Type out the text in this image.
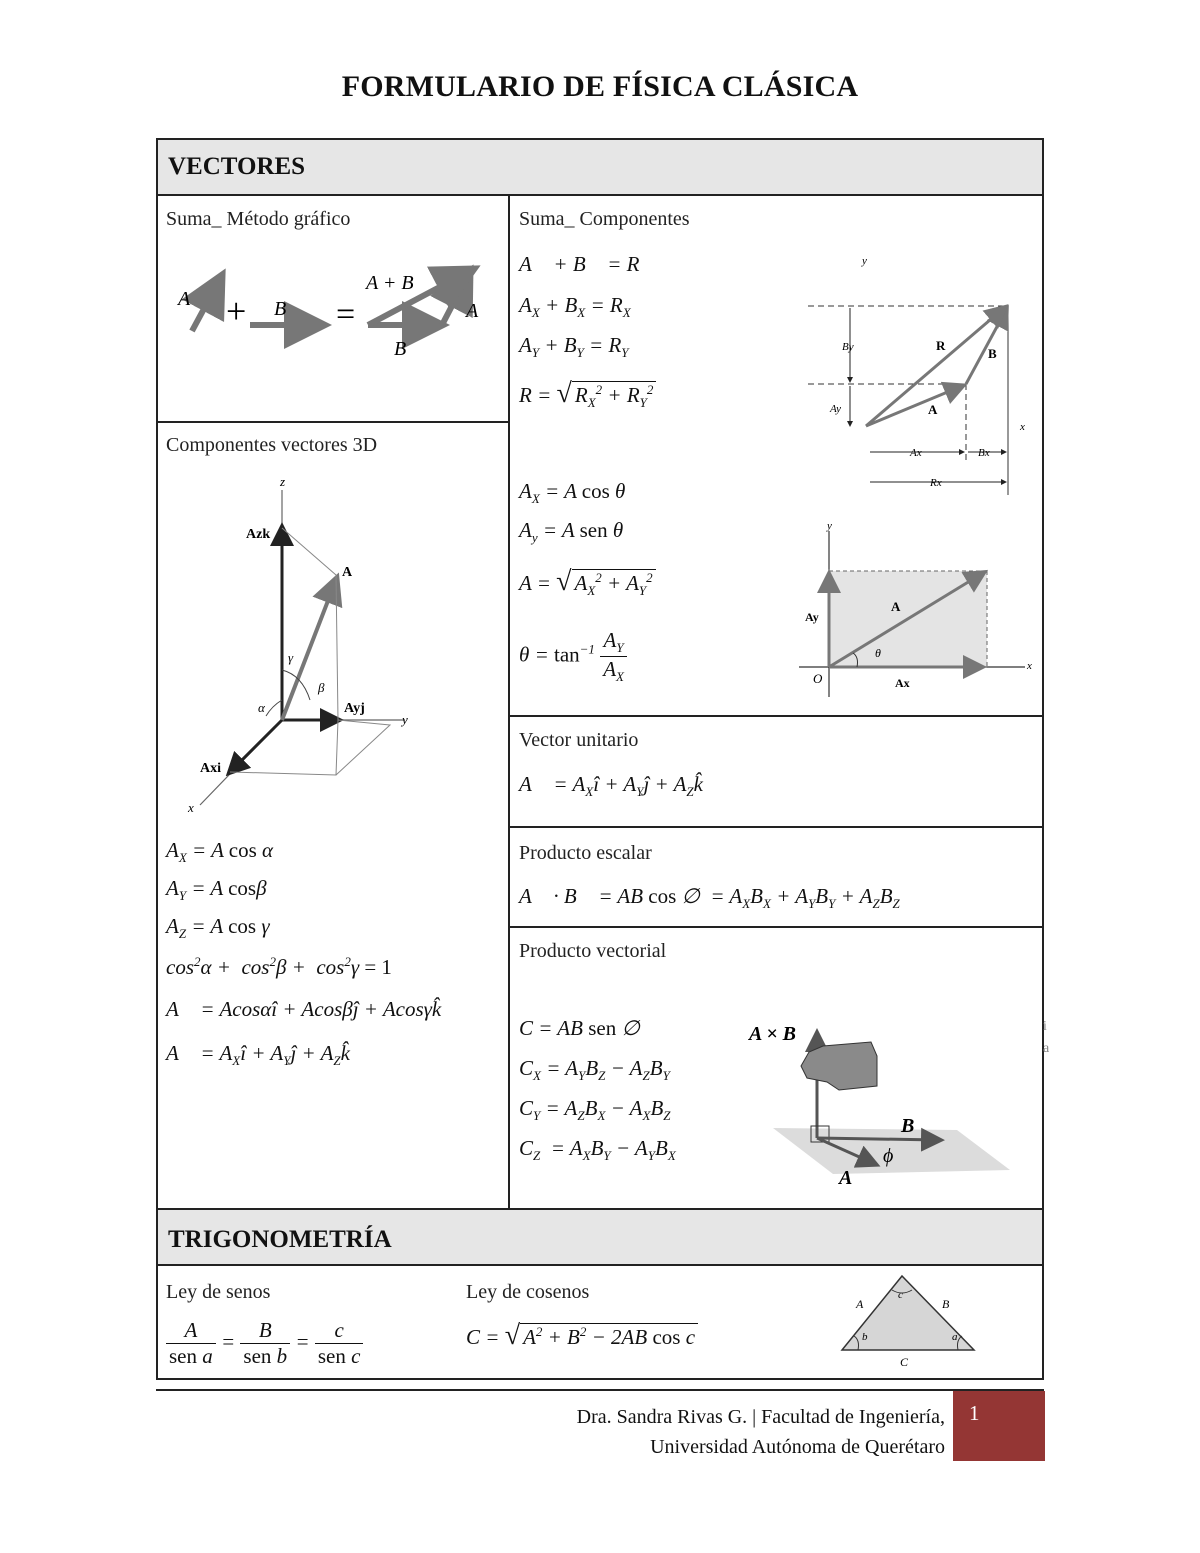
FORMULARIO DE FÍSICA CLÁSICA
VECTORES
TRIGONOMETRÍA
Suma_ Método gráfico
A + B =
A + B
A
B
Componentes vectores 3D
z
y
x
Azk
A
Ayj
Axi
γ
β
α
$A_X = A$ cos α
$A_Y = A$ cosβ
$A_Z = A$ cos γ
$\cos^2\alpha + \cos^2\beta + \cos^2\gamma = 1$
A⃗ = Acosαî + Acosβĵ + Acosγk̂
A⃗ = $A_Xî$ + $A_Yĵ$ + $A_Zk̂$
Suma_ Componentes
A⃗ + B⃗ = R⃗
$A_X + B_X = R_X$
$A_Y + B_Y = R_Y$
R = √ $R_X^2 + R_Y^2$
y
R
B
A
By
Ay
Ax	Bx
Rx
x
$A_X = A$ cos θ
$A_y = A$ sen θ
A = √ $A_X^2 + A_Y^2$
$\theta = \tan^{-1} \frac{A_Y}{A_X}$
y
x
O
A
Ay
Ax
θ
Vector unitario
A⃗ = $A_Xî$ + $A_Yĵ$ + $A_Zk̂$
Producto escalar
A⃗ · B⃗ = AB cos ∅  = $A_XB_X + A_YB_Y + A_ZB_Z$
Producto vectorial
C = AB sen ∅
$C_X = A_YB_Z - A_ZB_Y$
$C_Y = A_ZB_X - A_XB_Z$
$C_Z = A_XB_Y - A_YB_X$
A × B
B
A
ϕ
i a
Ley de senos
$\frac{A}{\text{sen a}} = \frac{B}{\text{sen b}} = \frac{c}{\text{sen c}}$
Ley de cosenos
C = √ $A^2 + B^2 - 2AB$ cos c
A	B
C
c
b	a
Dra. Sandra Rivas G. | Facultad de Ingeniería,
Universidad Autónoma de Querétaro
1
